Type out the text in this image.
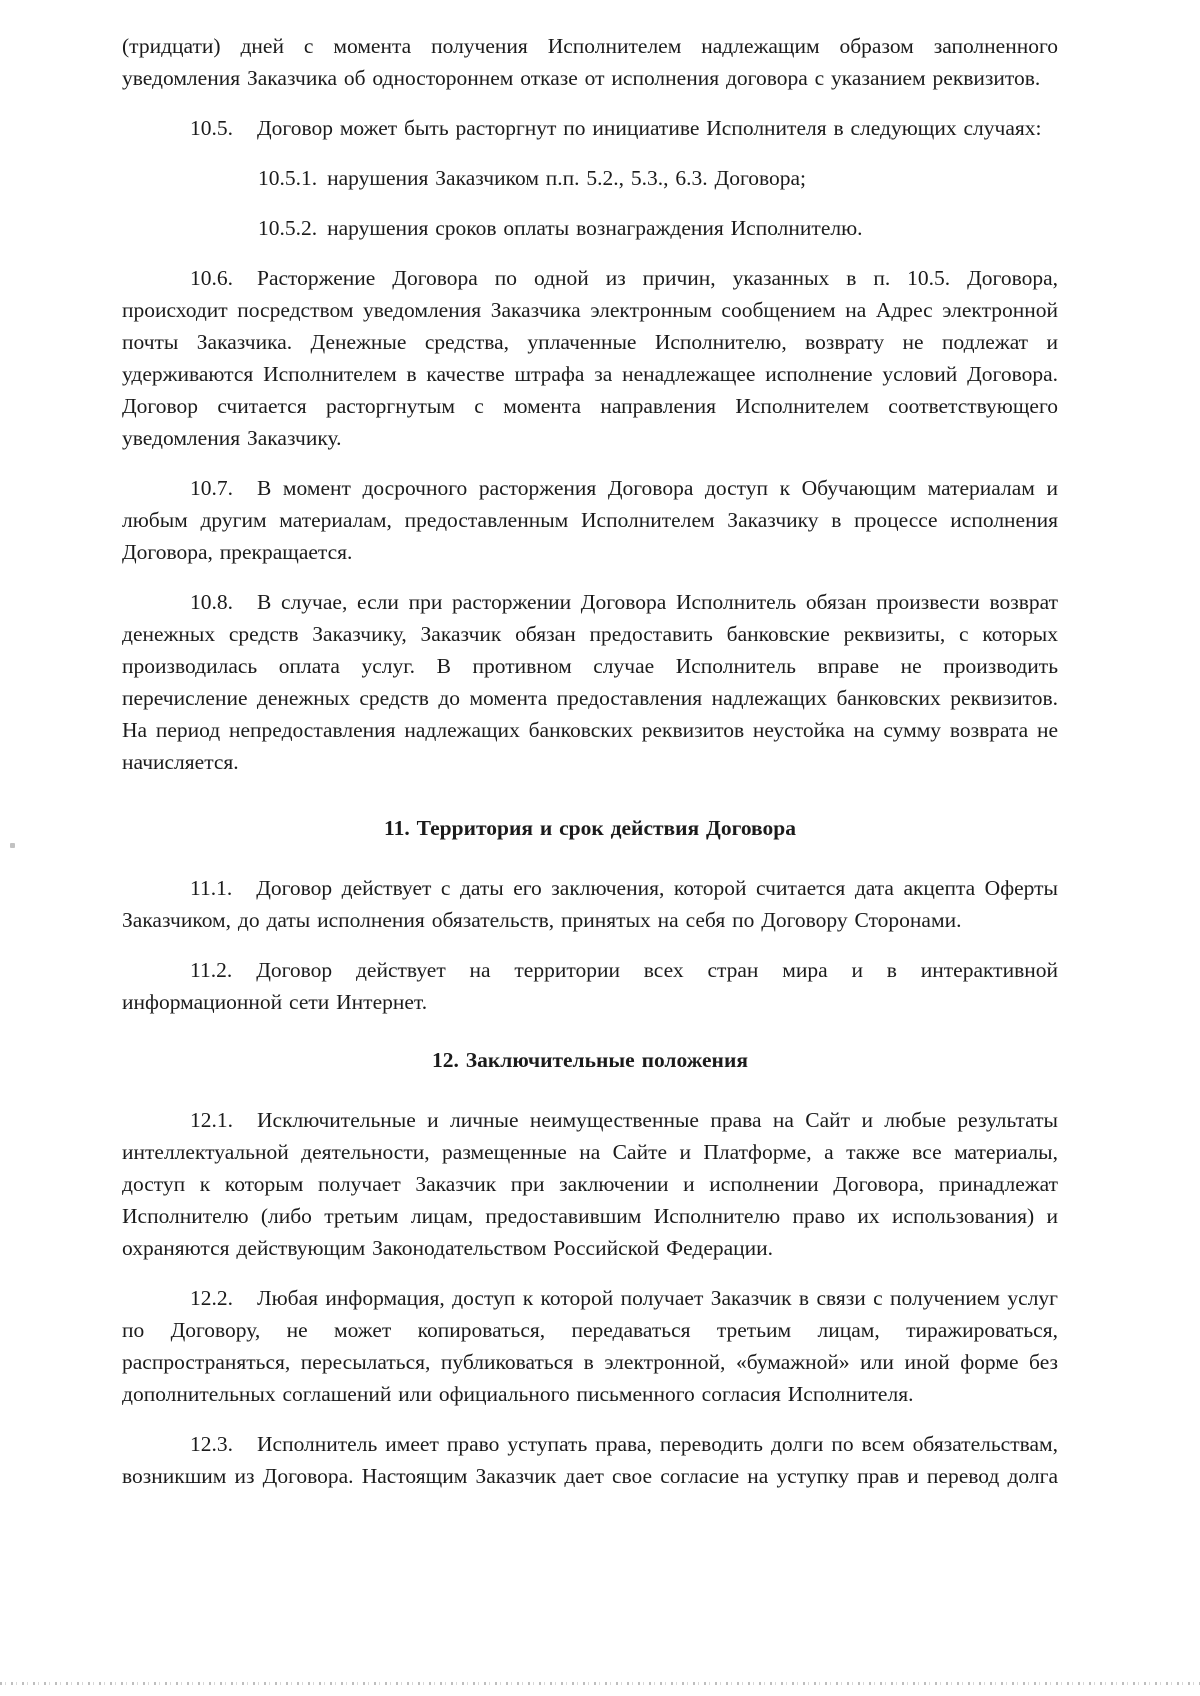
(тридцати) дней с момента получения Исполнителем надлежащим образом заполненного уведомления Заказчика об одностороннем отказе от исполнения договора с указанием реквизитов.

10.5. Договор может быть расторгнут по инициативе Исполнителя в следующих случаях:

10.5.1. нарушения Заказчиком п.п. 5.2., 5.3., 6.3. Договора;

10.5.2. нарушения сроков оплаты вознаграждения Исполнителю.

10.6. Расторжение Договора по одной из причин, указанных в п. 10.5. Договора, происходит посредством уведомления Заказчика электронным сообщением на Адрес электронной почты Заказчика. Денежные средства, уплаченные Исполнителю, возврату не подлежат и удерживаются Исполнителем в качестве штрафа за ненадлежащее исполнение условий Договора. Договор считается расторгнутым с момента направления Исполнителем соответствующего уведомления Заказчику.

10.7. В момент досрочного расторжения Договора доступ к Обучающим материалам и любым другим материалам, предоставленным Исполнителем Заказчику в процессе исполнения Договора, прекращается.

10.8. В случае, если при расторжении Договора Исполнитель обязан произвести возврат денежных средств Заказчику, Заказчик обязан предоставить банковские реквизиты, с которых производилась оплата услуг. В противном случае Исполнитель вправе не производить перечисление денежных средств до момента предоставления надлежащих банковских реквизитов. На период непредоставления надлежащих банковских реквизитов неустойка на сумму возврата не начисляется.

11. Территория и срок действия Договора

11.1. Договор действует с даты его заключения, которой считается дата акцепта Оферты Заказчиком, до даты исполнения обязательств, принятых на себя по Договору Сторонами.

11.2. Договор действует на территории всех стран мира и в интерактивной информационной сети Интернет.

12. Заключительные положения

12.1. Исключительные и личные неимущественные права на Сайт и любые результаты интеллектуальной деятельности, размещенные на Сайте и Платформе, а также все материалы, доступ к которым получает Заказчик при заключении и исполнении Договора, принадлежат Исполнителю (либо третьим лицам, предоставившим Исполнителю право их использования) и охраняются действующим Законодательством Российской Федерации.

12.2. Любая информация, доступ к которой получает Заказчик в связи с получением услуг по Договору, не может копироваться, передаваться третьим лицам, тиражироваться, распространяться, пересылаться, публиковаться в электронной, «бумажной» или иной форме без дополнительных соглашений или официального письменного согласия Исполнителя.

12.3. Исполнитель имеет право уступать права, переводить долги по всем обязательствам, возникшим из Договора. Настоящим Заказчик дает свое согласие на уступку прав и перевод долга
